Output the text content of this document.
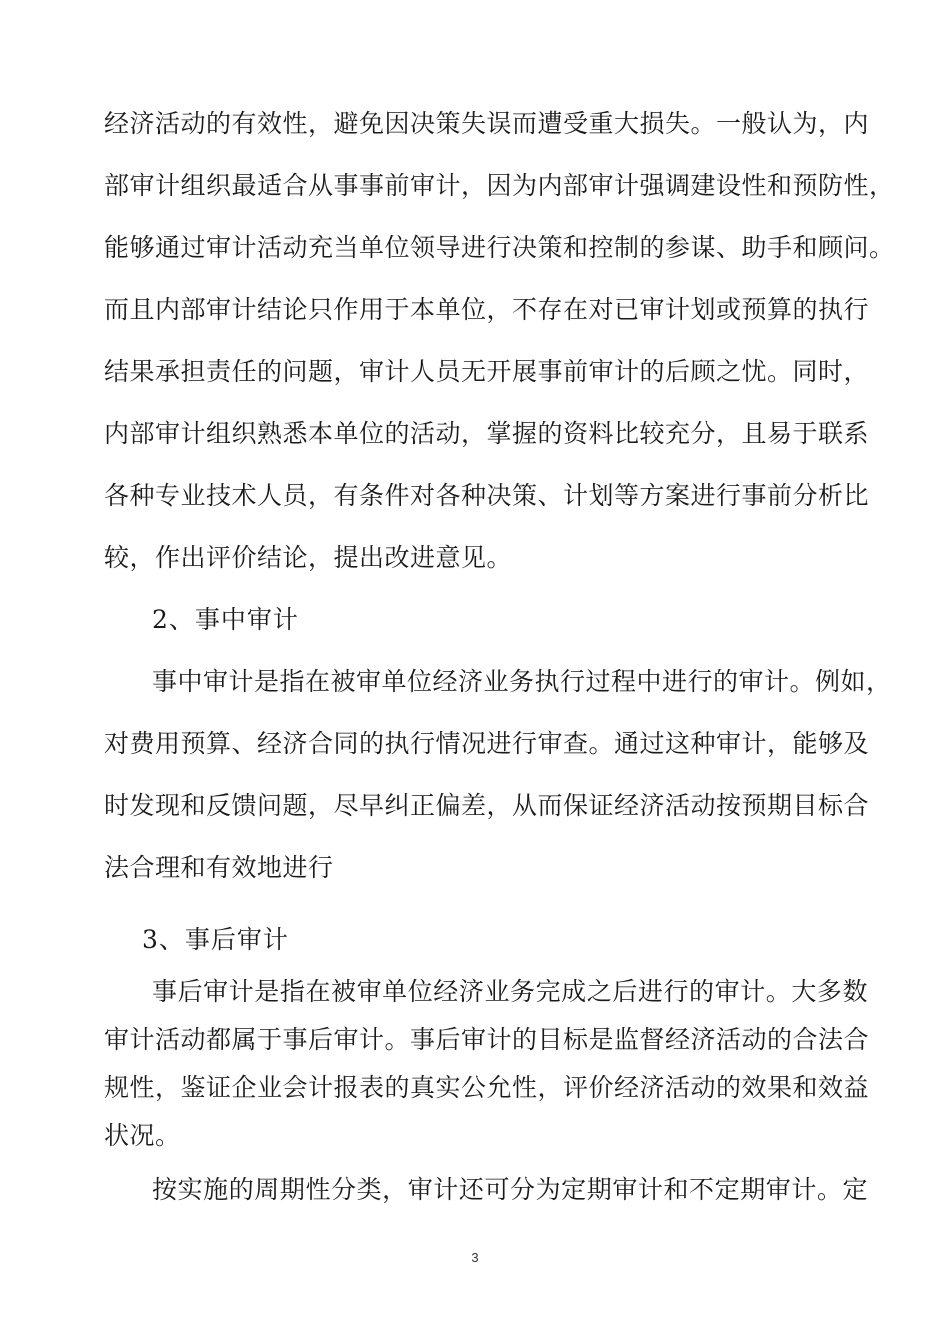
经济活动的有效性，避免因决策失误而遭受重大损失。一般认为，内
部审计组织最适合从事事前审计，因为内部审计强调建设性和预防性，
能够通过审计活动充当单位领导进行决策和控制的参谋、助手和顾问。
而且内部审计结论只作用于本单位，不存在对已审计划或预算的执行
结果承担责任的问题，审计人员无开展事前审计的后顾之忧。同时，
内部审计组织熟悉本单位的活动，掌握的资料比较充分，且易于联系
各种专业技术人员，有条件对各种决策、计划等方案进行事前分析比
较，作出评价结论，提出改进意见。
2、事中审计
事中审计是指在被审单位经济业务执行过程中进行的审计。例如，
对费用预算、经济合同的执行情况进行审查。通过这种审计，能够及
时发现和反馈问题，尽早纠正偏差，从而保证经济活动按预期目标合
法合理和有效地进行
3、事后审计
事后审计是指在被审单位经济业务完成之后进行的审计。大多数
审计活动都属于事后审计。事后审计的目标是监督经济活动的合法合
规性，鉴证企业会计报表的真实公允性，评价经济活动的效果和效益
状况。
按实施的周期性分类，审计还可分为定期审计和不定期审计。定
3
